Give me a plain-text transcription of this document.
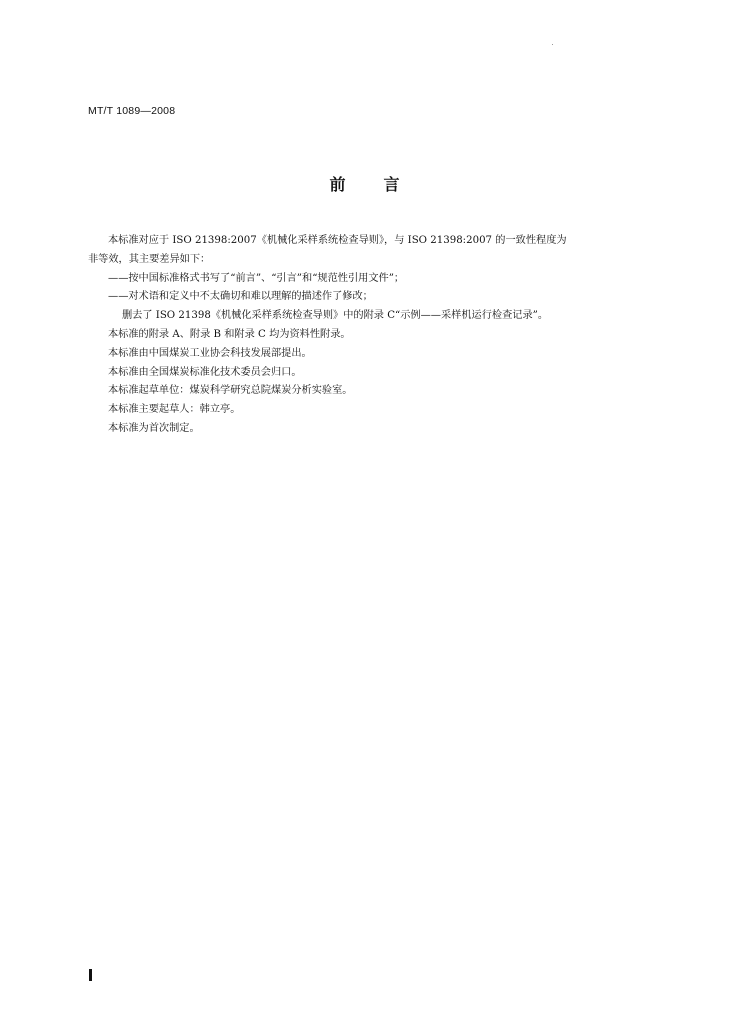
MT/T 1089—2008
前言

本标准对应于 ISO 21398:2007《机械化采样系统检查导则》，与 ISO 21398:2007 的一致性程度为

非等效，其主要差异如下：

——按中国标准格式书写了“前言”、“引言”和“规范性引用文件”；

——对术语和定义中不太确切和难以理解的描述作了修改；

删去了 ISO 21398《机械化采样系统检查导则》中的附录 C“示例——采样机运行检查记录”。

本标准的附录 A、附录 B 和附录 C 均为资料性附录。

本标准由中国煤炭工业协会科技发展部提出。

本标准由全国煤炭标准化技术委员会归口。

本标准起草单位：煤炭科学研究总院煤炭分析实验室。

本标准主要起草人：韩立亭。

本标准为首次制定。
